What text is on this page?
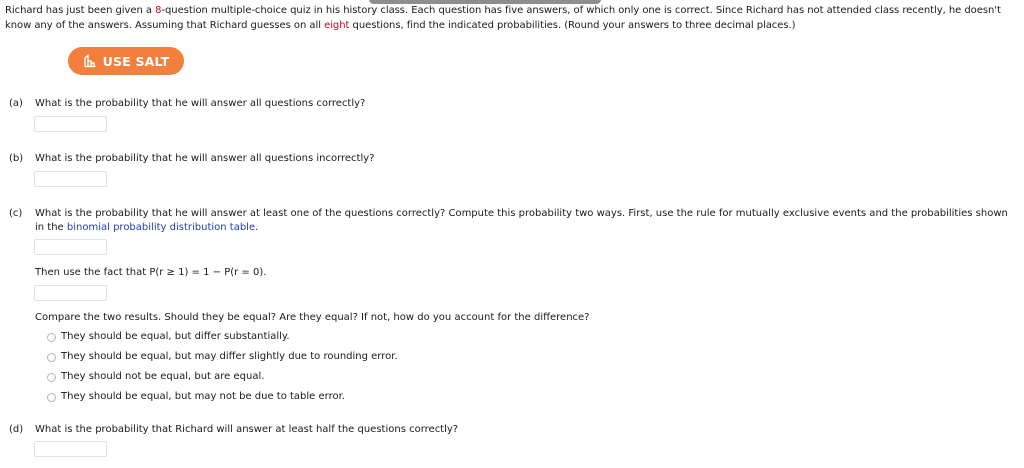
Richard has just been given a 8-question multiple-choice quiz in his history class. Each question has five answers, of which only one is correct. Since Richard has not attended class recently, he doesn't know any of the answers. Assuming that Richard guesses on all eight questions, find the indicated probabilities. (Round your answers to three decimal places.)
USE SALT
(a) What is the probability that he will answer all questions correctly?
(b) What is the probability that he will answer all questions incorrectly?
(c)	What is the probability that he will answer at least one of the questions correctly? Compute this probability two ways. First, use the rule for mutually exclusive events and the probabilities shown in the binomial probability distribution table.
Then use the fact that P(r ≥ 1) = 1 − P(r = 0).
Compare the two results. Should they be equal? Are they equal? If not, how do you account for the difference?
They should be equal, but differ substantially.
They should be equal, but may differ slightly due to rounding error.
They should not be equal, but are equal.
They should be equal, but may not be due to table error.
(d) What is the probability that Richard will answer at least half the questions correctly?
